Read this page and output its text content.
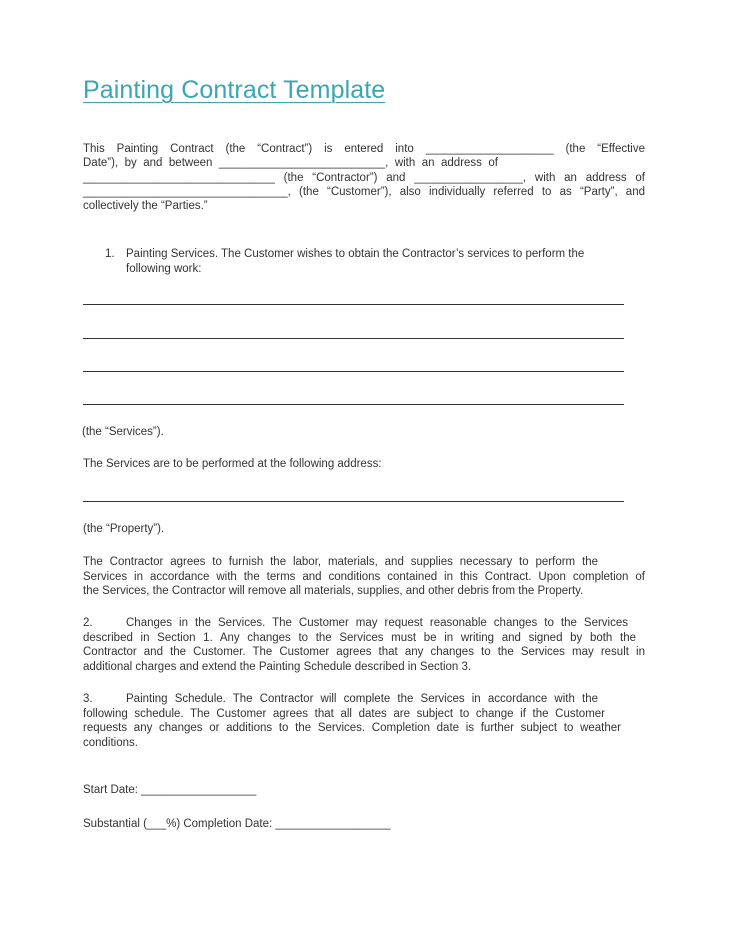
Painting Contract Template

This Painting Contract (the “Contract”) is entered into ____________________ (the “Effective

Date”), by and between __________________________, with an address of

______________________________ (the “Contractor”) and _________________, with an address of

________________________________, (the “Customer”), also individually referred to as “Party”, and

collectively the “Parties.”

1. Painting Services. The Customer wishes to obtain the Contractor’s services to perform the

following work:

(the “Services”).

The Services are to be performed at the following address:

(the “Property”).

The Contractor agrees to furnish the labor, materials, and supplies necessary to perform the

Services in accordance with the terms and conditions contained in this Contract. Upon completion of

the Services, the Contractor will remove all materials, supplies, and other debris from the Property.

2.	Changes in the Services. The Customer may request reasonable changes to the Services

described in Section 1. Any changes to the Services must be in writing and signed by both the

Contractor and the Customer. The Customer agrees that any changes to the Services may result in

additional charges and extend the Painting Schedule described in Section 3.

3.	Painting Schedule. The Contractor will complete the Services in accordance with the

following schedule. The Customer agrees that all dates are subject to change if the Customer

requests any changes or additions to the Services. Completion date is further subject to weather

conditions.

Start Date: __________________

Substantial (___%) Completion Date: __________________
